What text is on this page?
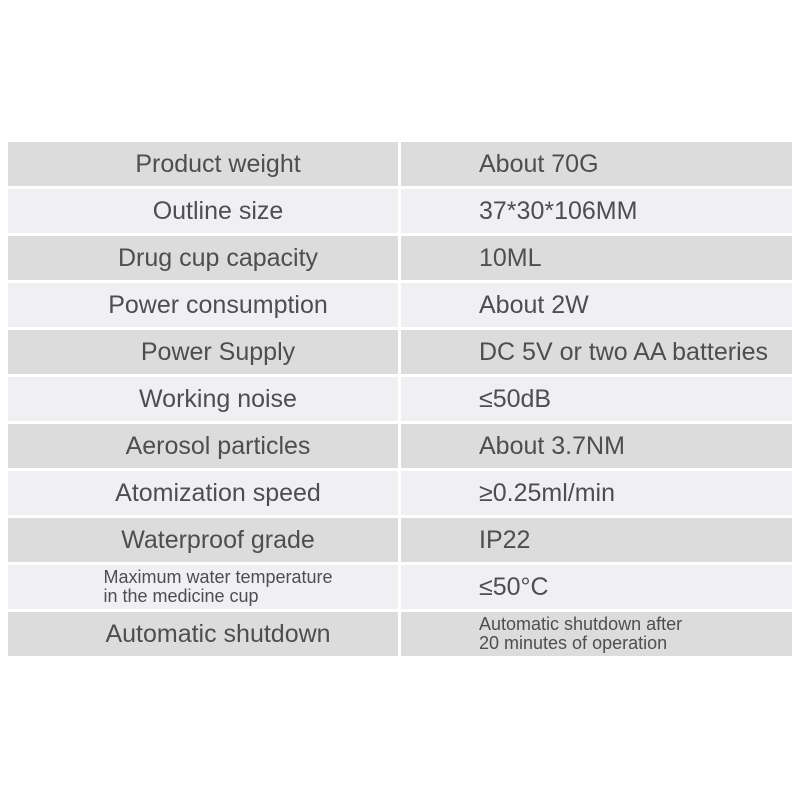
Product weight	About 70G
Outline size	37*30*106MM
Drug cup capacity	10ML
Power consumption	About 2W
Power Supply	DC 5V or two AA batteries
Working noise	≤50dB
Aerosol particles	About 3.7NM
Atomization speed	≥0.25ml/min
Waterproof grade	IP22
Maximum water temperature
in the medicine cup	≤50°C
Automatic shutdown	Automatic shutdown after
20 minutes of operation
